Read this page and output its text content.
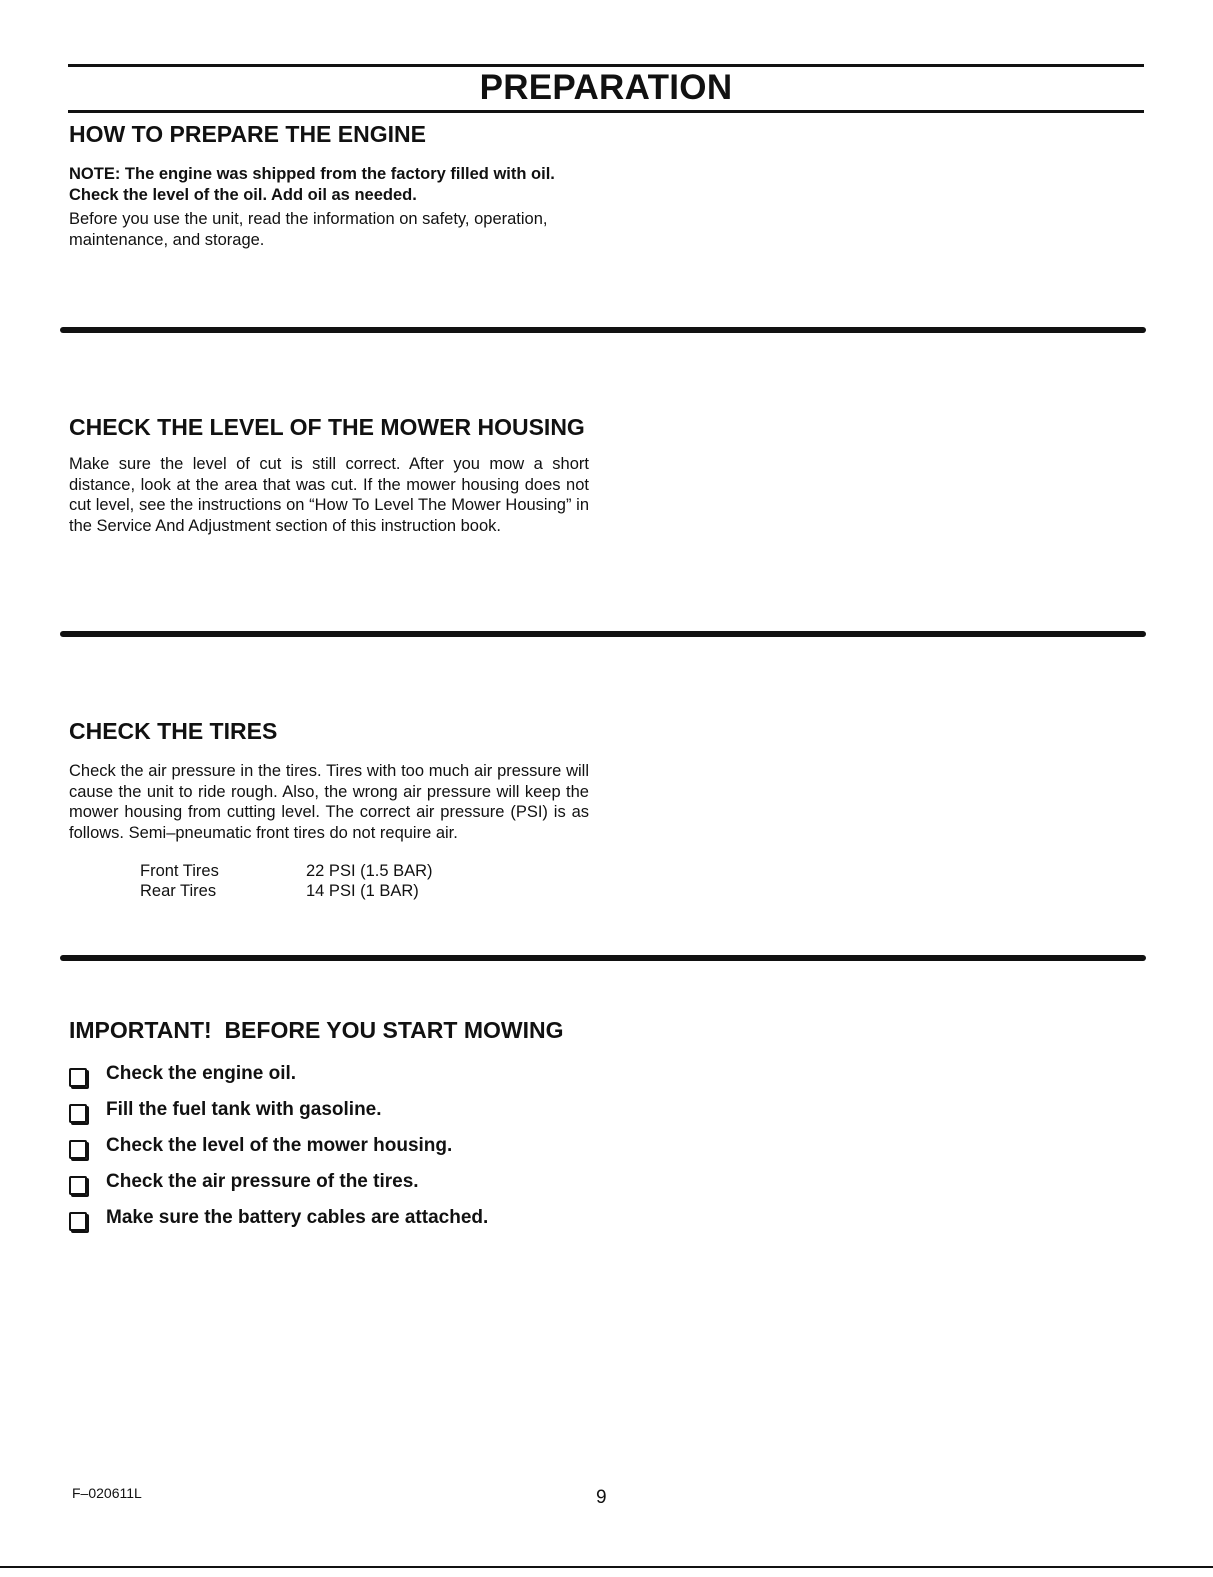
PREPARATION
HOW TO PREPARE THE ENGINE
NOTE: The engine was shipped from the factory filled with oil.
Check the level of the oil. Add oil as needed.

Before you use the unit, read the information on safety, operation, maintenance, and storage.

CHECK THE LEVEL OF THE MOWER HOUSING

Make sure the level of cut is still correct. After you mow a short distance, look at the area that was cut. If the mower housing does not cut level, see the instructions on “How To Level The Mower Housing” in the Service And Adjustment section of this instruction book.

CHECK THE TIRES

Check the air pressure in the tires. Tires with too much air pressure will cause the unit to ride rough. Also, the wrong air pressure will keep the mower housing from cutting level. The correct air pressure (PSI) is as follows. Semi–pneumatic front tires do not require air.

Front Tires	22 PSI (1.5 BAR)
Rear Tires	14 PSI (1 BAR)
IMPORTANT!  BEFORE YOU START MOWING
Check the engine oil.
Fill the fuel tank with gasoline.
Check the level of the mower housing.
Check the air pressure of the tires.
Make sure the battery cables are attached.
F–020611L	9
